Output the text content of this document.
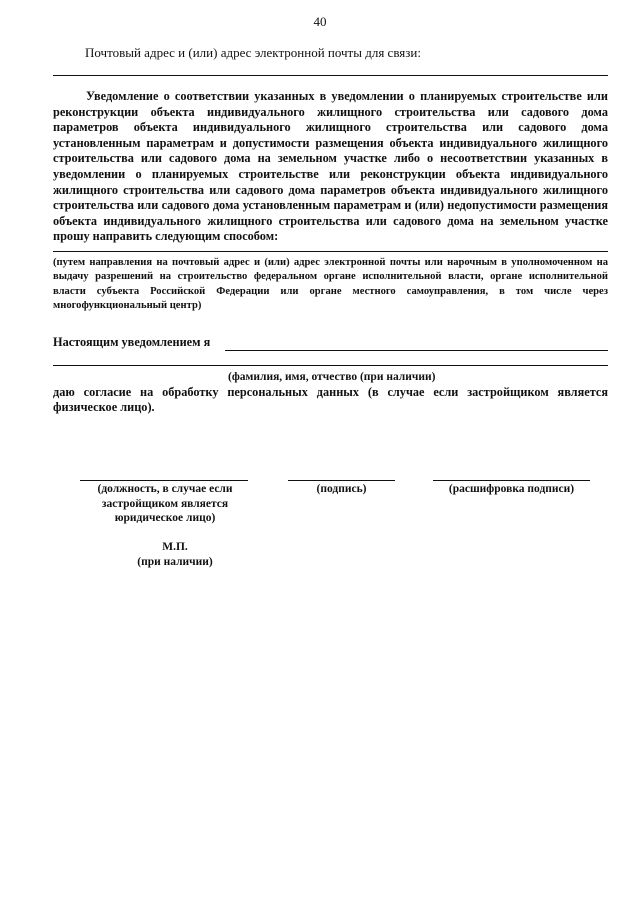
40
Почтовый адрес и (или) адрес электронной почты для связи:
Уведомление о соответствии указанных в уведомлении о планируемых строительстве или реконструкции объекта индивидуального жилищного строительства или садового дома параметров объекта индивидуального жилищного строительства или садового дома установленным параметрам и допустимости размещения объекта индивидуального жилищного строительства или садового дома на земельном участке либо о несоответствии указанных в уведомлении о планируемых строительстве или реконструкции объекта индивидуального жилищного строительства или садового дома параметров объекта индивидуального жилищного строительства или садового дома установленным параметрам и (или) недопустимости размещения объекта индивидуального жилищного строительства или садового дома на земельном участке прошу направить следующим способом:
(путем направления на почтовый адрес и (или) адрес электронной почты или нарочным в уполномоченном на выдачу разрешений на строительство федеральном органе исполнительной власти, органе исполнительной власти субъекта Российской Федерации или органе местного самоуправления, в том числе через многофункциональный центр)
Настоящим уведомлением я
(фамилия, имя, отчество (при наличии)
даю согласие на обработку персональных данных (в случае если застройщиком является физическое лицо).
(должность, в случае если застройщиком является юридическое лицо)
(подпись)	(расшифровка подписи)
М.П.
(при наличии)
